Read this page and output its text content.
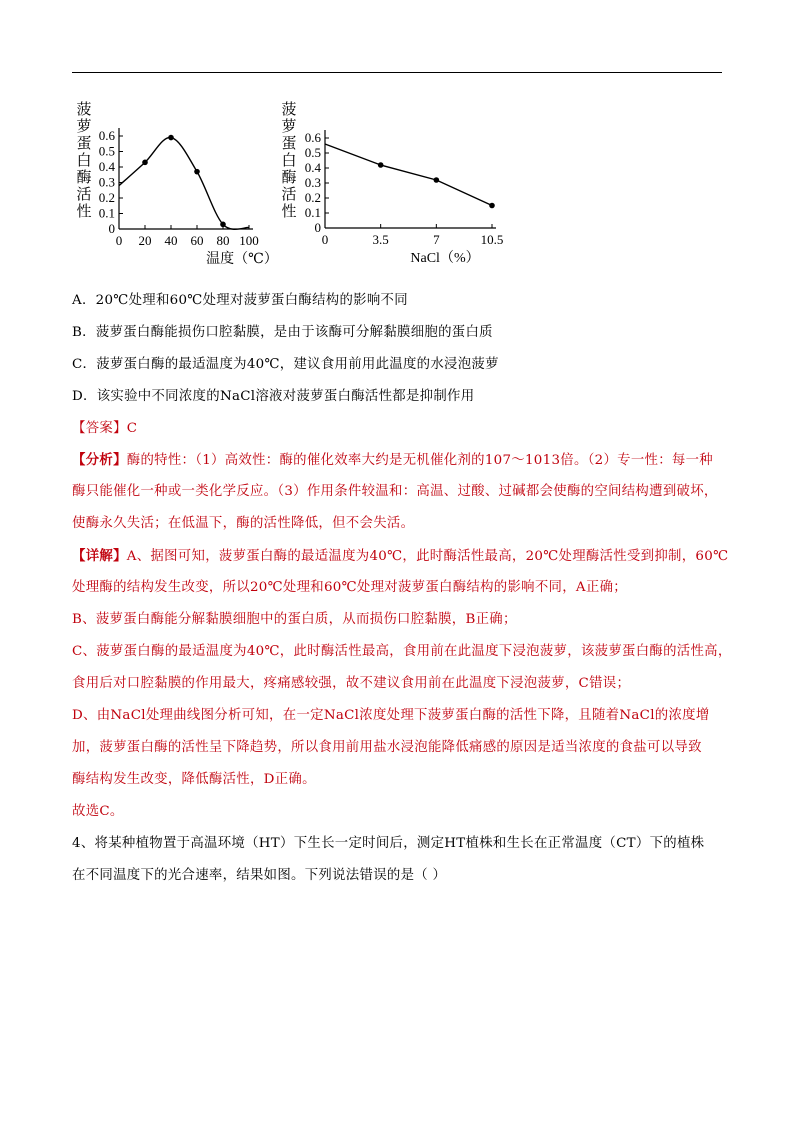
0
0.1
0.2
0.3
0.4
0.5
0.6
0 20 40 60 80 100
菠萝蛋白酶活性
温度（℃）
0
0.1
0.2
0.3
0.4
0.5
0.6
0	3.5	7	10.5
菠萝蛋白酶活性
NaCl（%）
A．20℃处理和60℃处理对菠萝蛋白酶结构的影响不同
B．菠萝蛋白酶能损伤口腔黏膜，是由于该酶可分解黏膜细胞的蛋白质
C．菠萝蛋白酶的最适温度为40℃，建议食用前用此温度的水浸泡菠萝
D．该实验中不同浓度的NaCl溶液对菠萝蛋白酶活性都是抑制作用
【答案】C
【分析】酶的特性：（1）高效性：酶的催化效率大约是无机催化剂的107～1013倍。（2）专一性：每一种
酶只能催化一种或一类化学反应。（3）作用条件较温和：高温、过酸、过碱都会使酶的空间结构遭到破坏，
使酶永久失活；在低温下，酶的活性降低，但不会失活。
【详解】A、据图可知，菠萝蛋白酶的最适温度为40℃，此时酶活性最高，20℃处理酶活性受到抑制，60℃
处理酶的结构发生改变，所以20℃处理和60℃处理对菠萝蛋白酶结构的影响不同，A正确；
B、菠萝蛋白酶能分解黏膜细胞中的蛋白质，从而损伤口腔黏膜，B正确；
C、菠萝蛋白酶的最适温度为40℃，此时酶活性最高，食用前在此温度下浸泡菠萝，该菠萝蛋白酶的活性高，
食用后对口腔黏膜的作用最大，疼痛感较强，故不建议食用前在此温度下浸泡菠萝，C错误；
D、由NaCl处理曲线图分析可知，在一定NaCl浓度处理下菠萝蛋白酶的活性下降，且随着NaCl的浓度增
加，菠萝蛋白酶的活性呈下降趋势，所以食用前用盐水浸泡能降低痛感的原因是适当浓度的食盐可以导致
酶结构发生改变，降低酶活性，D正确。
故选C。
4、将某种植物置于高温环境（HT）下生长一定时间后，测定HT植株和生长在正常温度（CT）下的植株
在不同温度下的光合速率，结果如图。下列说法错误的是（ ）
